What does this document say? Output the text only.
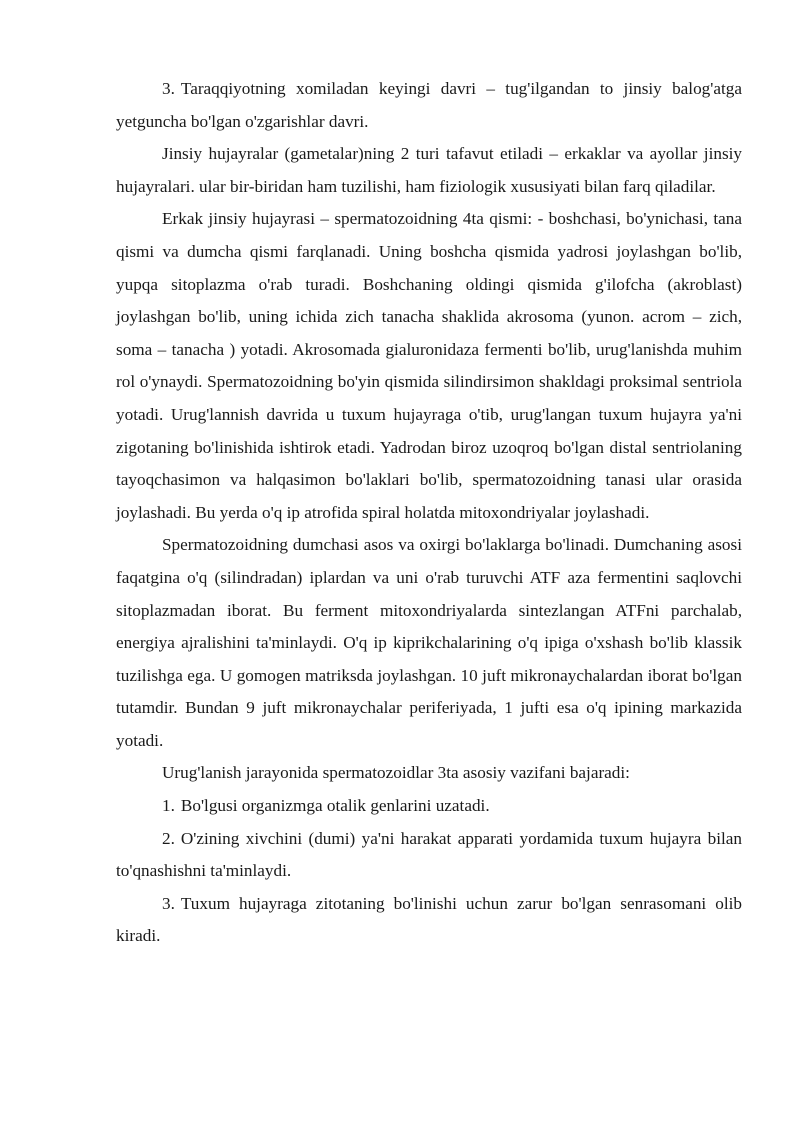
3. Taraqqiyotning xomiladan keyingi davri – tug'ilgandan to jinsiy balog'atga yetguncha bo'lgan o'zgarishlar davri.

Jinsiy hujayralar (gametalar)ning 2 turi tafavut etiladi – erkaklar va ayollar jinsiy hujayralari. ular bir-biridan ham tuzilishi, ham fiziologik xususiyati bilan farq qiladilar.

Erkak jinsiy hujayrasi – spermatozoidning 4ta qismi: - boshchasi, bo'ynichasi, tana qismi va dumcha qismi farqlanadi. Uning boshcha qismida yadrosi joylashgan bo'lib, yupqa sitoplazma o'rab turadi. Boshchaning oldingi qismida g'ilofcha (akroblast) joylashgan bo'lib, uning ichida zich tanacha shaklida akrosoma (yunon. acrom – zich, soma – tanacha ) yotadi. Akrosomada gialuronidaza fermenti bo'lib, urug'lanishda muhim rol o'ynaydi. Spermatozoidning bo'yin qismida silindirsimon shakldagi proksimal sentriola yotadi. Urug'lannish davrida u tuxum hujayraga o'tib, urug'langan tuxum hujayra ya'ni zigotaning bo'linishida ishtirok etadi. Yadrodan biroz uzoqroq bo'lgan distal sentriolaning tayoqchasimon va halqasimon bo'laklari bo'lib, spermatozoidning tanasi ular orasida joylashadi. Bu yerda o'q ip atrofida spiral holatda mitoxondriyalar joylashadi.

Spermatozoidning dumchasi asos va oxirgi bo'laklarga bo'linadi. Dumchaning asosi faqatgina o'q (silindradan) iplardan va uni o'rab turuvchi ATF aza fermentini saqlovchi sitoplazmadan iborat. Bu ferment mitoxondriyalarda sintezlangan ATFni parchalab, energiya ajralishini ta'minlaydi. O'q ip kiprikchalarining o'q ipiga o'xshash bo'lib klassik tuzilishga ega. U gomogen matriksda joylashgan. 10 juft mikronaychalardan iborat bo'lgan tutamdir. Bundan 9 juft mikronaychalar periferiyada, 1 jufti esa o'q ipining markazida yotadi.

Urug'lanish jarayonida spermatozoidlar 3ta asosiy vazifani bajaradi:

1. Bo'lgusi organizmga otalik genlarini uzatadi.

2. O'zining xivchini (dumi) ya'ni harakat apparati yordamida tuxum hujayra bilan to'qnashishni ta'minlaydi.

3. Tuxum hujayraga zitotaning bo'linishi uchun zarur bo'lgan senrasomani olib kiradi.
